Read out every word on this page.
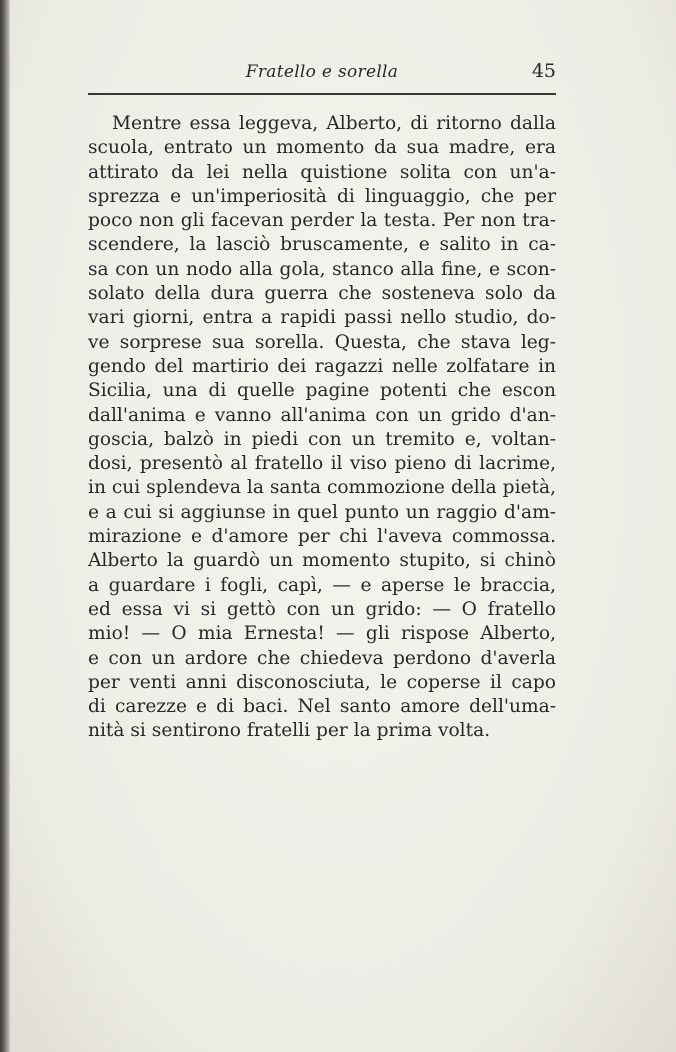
Fratello e sorella	45

Mentre essa leggeva, Alberto, di ritorno dalla
scuola, entrato un momento da sua madre, era
attirato da lei nella quistione solita con un'a-
sprezza e un'imperiosità di linguaggio, che per
poco non gli facevan perder la testa. Per non tra-
scendere, la lasciò bruscamente, e salito in ca-
sa con un nodo alla gola, stanco alla fine, e scon-
solato della dura guerra che sosteneva solo da
vari giorni, entra a rapidi passi nello studio, do-
ve sorprese sua sorella. Questa, che stava leg-
gendo del martirio dei ragazzi nelle zolfatare in
Sicilia, una di quelle pagine potenti che escon
dall'anima e vanno all'anima con un grido d'an-
goscia, balzò in piedi con un tremito e, voltan-
dosi, presentò al fratello il viso pieno di lacrime,
in cui splendeva la santa commozione della pietà,
e a cui si aggiunse in quel punto un raggio d'am-
mirazione e d'amore per chi l'aveva commossa.
Alberto la guardò un momento stupito, si chinò
a guardare i fogli, capì, — e aperse le braccia,
ed essa vi si gettò con un grido: — O fratello
mio! — O mia Ernesta! — gli rispose Alberto,
e con un ardore che chiedeva perdono d'averla
per venti anni disconosciuta, le coperse il capo
di carezze e di baci. Nel santo amore dell'uma-
nità si sentirono fratelli per la prima volta.
